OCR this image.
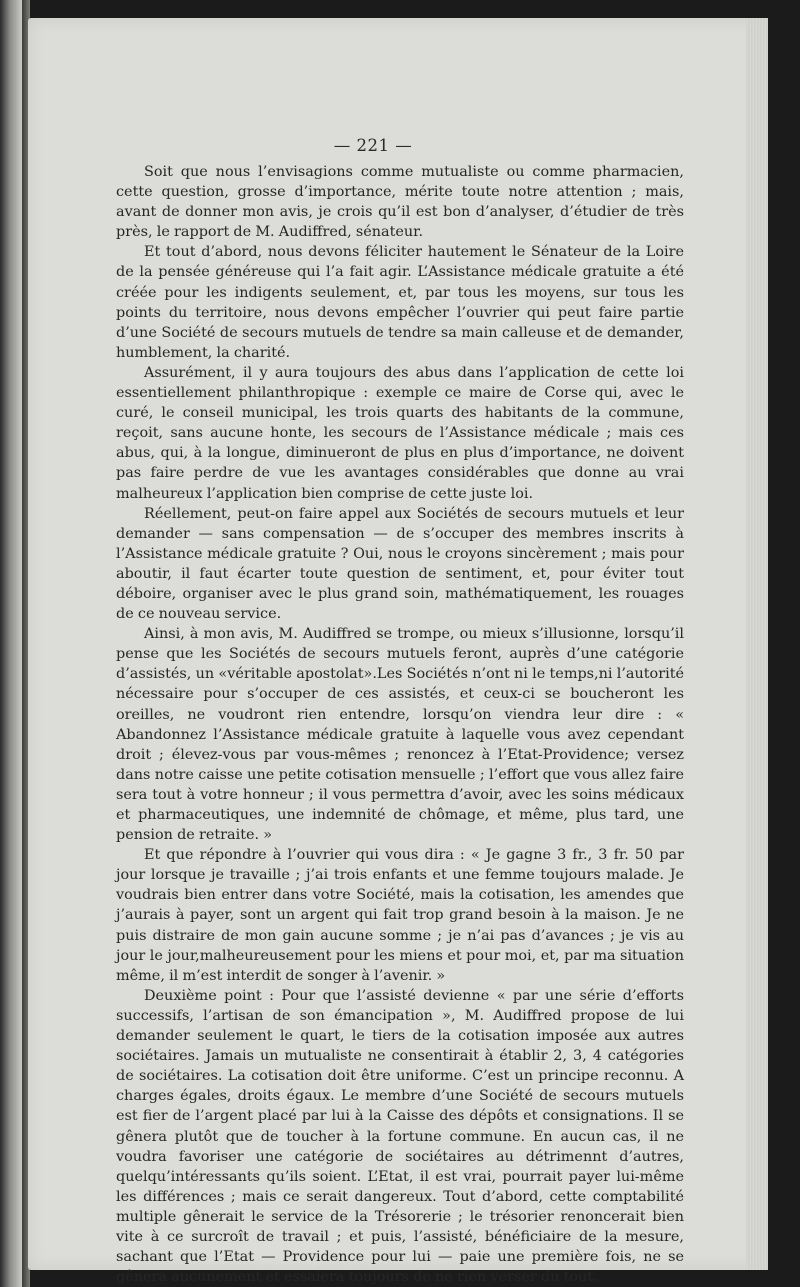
— 221 —

Soit que nous l’envisagions comme mutualiste ou comme pharmacien, cette question, grosse d’importance, mérite toute notre attention ; mais, avant de donner mon avis, je crois qu’il est bon d’analyser, d’étudier de très près, le rapport de M. Audiffred, sénateur.

Et tout d’abord, nous devons féliciter hautement le Sénateur de la Loire de la pensée généreuse qui l’a fait agir. L’Assistance médicale gratuite a été créée pour les indigents seulement, et, par tous les moyens, sur tous les points du territoire, nous devons empêcher l’ouvrier qui peut faire partie d’une Société de secours mutuels de tendre sa main calleuse et de demander, humblement, la charité.

Assurément, il y aura toujours des abus dans l’application de cette loi essentiellement philanthropique : exemple ce maire de Corse qui, avec le curé, le conseil municipal, les trois quarts des habitants de la commune, reçoit, sans aucune honte, les secours de l’Assistance médicale ; mais ces abus, qui, à la longue, diminueront de plus en plus d’importance, ne doivent pas faire perdre de vue les avantages considérables que donne au vrai malheureux l’application bien comprise de cette juste loi.

Réellement, peut-on faire appel aux Sociétés de secours mutuels et leur demander — sans compensation — de s’occuper des membres inscrits à l’Assistance médicale gratuite ? Oui, nous le croyons sincèrement ; mais pour aboutir, il faut écarter toute question de sentiment, et, pour éviter tout déboire, organiser avec le plus grand soin, mathématiquement, les rouages de ce nouveau service.

Ainsi, à mon avis, M. Audiffred se trompe, ou mieux s’illusionne, lorsqu’il pense que les Sociétés de secours mutuels feront, auprès d’une catégorie d’assistés, un «véritable apostolat».Les Sociétés n’ont ni le temps,ni l’autorité nécessaire pour s’occuper de ces assistés, et ceux-ci se boucheront les oreilles, ne voudront rien entendre, lorsqu’on viendra leur dire : « Abandonnez l’Assistance médicale gratuite à laquelle vous avez cependant droit ; élevez-vous par vous-mêmes ; renoncez à l’Etat-Providence; versez dans notre caisse une petite cotisation mensuelle ; l’effort que vous allez faire sera tout à votre honneur ; il vous permettra d’avoir, avec les soins médicaux et pharmaceutiques, une indemnité de chômage, et même, plus tard, une pension de retraite. »

Et que répondre à l’ouvrier qui vous dira : « Je gagne 3 fr., 3 fr. 50 par jour lorsque je travaille ; j’ai trois enfants et une femme toujours malade. Je voudrais bien entrer dans votre Société, mais la cotisation, les amendes que j’aurais à payer, sont un argent qui fait trop grand besoin à la maison. Je ne puis distraire de mon gain aucune somme ; je n’ai pas d’avances ; je vis au jour le jour,malheureusement pour les miens et pour moi, et, par ma situation même, il m’est interdit de songer à l’avenir. »

Deuxième point : Pour que l’assisté devienne « par une série d’efforts successifs, l’artisan de son émancipation », M. Audiffred propose de lui demander seulement le quart, le tiers de la cotisation imposée aux autres sociétaires. Jamais un mutualiste ne consentirait à établir 2, 3, 4 catégories de sociétaires. La cotisation doit être uniforme. C’est un principe reconnu. A charges égales, droits égaux. Le membre d’une Société de secours mutuels est fier de l’argent placé par lui à la Caisse des dépôts et consignations. Il se gênera plutôt que de toucher à la fortune commune. En aucun cas, il ne voudra favoriser une catégorie de sociétaires au détrimennt d’autres, quelqu’intéressants qu’ils soient. L’Etat, il est vrai, pourrait payer lui-même les différences ; mais ce serait dangereux. Tout d’abord, cette comptabilité multiple gênerait le service de la Trésorerie ; le trésorier renoncerait bien vite à ce surcroît de travail ; et puis, l’assisté, bénéficiaire de la mesure, sachant que l’Etat — Providence pour lui — paie une première fois, ne se gênera aucunement et essaiera toujours de ne rien verser du tout.
